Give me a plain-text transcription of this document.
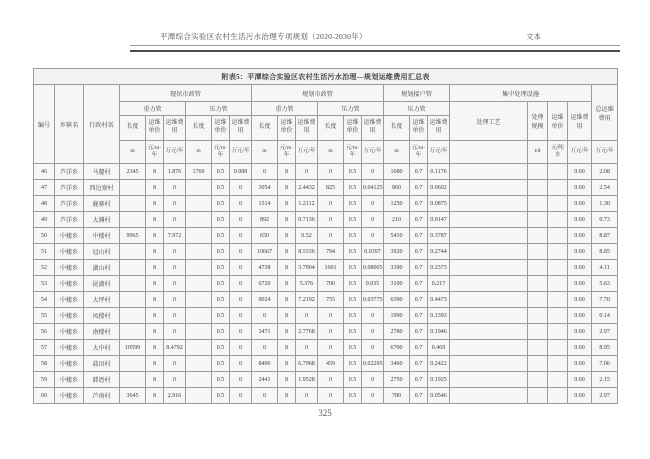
平潭综合实验区农村生活污水治理专项规划（2020-2030年）	文本
附表5：平潭综合实验区农村生活污水治理—规划运维费用汇总表																						
编号	乡镇名	行政村名	现状市政管						规划市政管						规划接户管			集中处理设施				总运维费用
			重力管			压力管			重力管			压力管			压力管			处理工艺	处理规模	运维单价	运维费用	
			长度	运维单价	运维费用	长度	运维单价	运维费用	长度	运维单价	运维费用	长度	运维单价	运维费用	长度	运维单价	运维费用					
			m	元/m·年	万元/年	m	元/m·年	万元/年	m	元/m·年	万元/年	m	元/m·年	万元/年	m	元/m·年	万元/年		t/d	元/吨水	万元/年	万元/年
46	芦洋乡	马腿村	2345	8	1.876	1760	0.5	0.088	0	8	0	0	0.5	0	1680	0.7	0.1176				0.00	2.08
47	芦洋乡	西边寮村		8	0		0.5	0	3054	8	2.4432	825	0.5	0.04125	860	0.7	0.0602				0.00	2.54
48	芦洋乡	鹿寨村		8	0		0.5	0	1514	8	1.2112	0	0.5	0	1250	0.7	0.0875				0.00	1.30
49	芦洋乡	大渊村		8	0		0.5	0	892	8	0.7136	0	0.5	0	210	0.7	0.0147				0.00	0.73
50	中楼乡	中楼村	9965	8	7.972		0.5	0	650	8	0.52	0	0.5	0	5410	0.7	0.3787				0.00	8.87
51	中楼乡	冠山村		8	0		0.5	0	10667	8	8.5336	794	0.5	0.0397	3920	0.7	0.2744				0.00	8.85
52	中楼乡	湖山村		8	0		0.5	0	4738	8	3.7904	1601	0.5	0.08005	3390	0.7	0.2373				0.00	4.11
53	中楼乡	昆湖村		8	0		0.5	0	6720	8	5.376	700	0.5	0.035	3100	0.7	0.217				0.00	5.63
54	中楼乡	大坪村		8	0		0.5	0	9024	8	7.2192	755	0.5	0.03775	6390	0.7	0.4473				0.00	7.70
55	中楼乡	凤楼村		8	0		0.5	0	0	8	0	0	0.5	0	1990	0.7	0.1393				0.00	0.14
56	中楼乡	南楼村		8	0		0.5	0	3471	8	2.7768	0	0.5	0	2780	0.7	0.1946				0.00	2.97
57	中楼乡	大中村	10599	8	8.4792		0.5	0	0	8	0	0	0.5	0	6700	0.7	0.469				0.00	8.95
58	中楼乡	盐田村		8	0		0.5	0	8496	8	6.7968	459	0.5	0.02295	3460	0.7	0.2422				0.00	7.06
59	中楼乡	韩厝村		8	0		0.5	0	2441	8	1.9528	0	0.5	0	2750	0.7	0.1925				0.00	2.15
60	中楼乡	芦南村	3645	8	2.916		0.5	0	0	8	0	0	0.5	0	780	0.7	0.0546				0.00	2.97
325
